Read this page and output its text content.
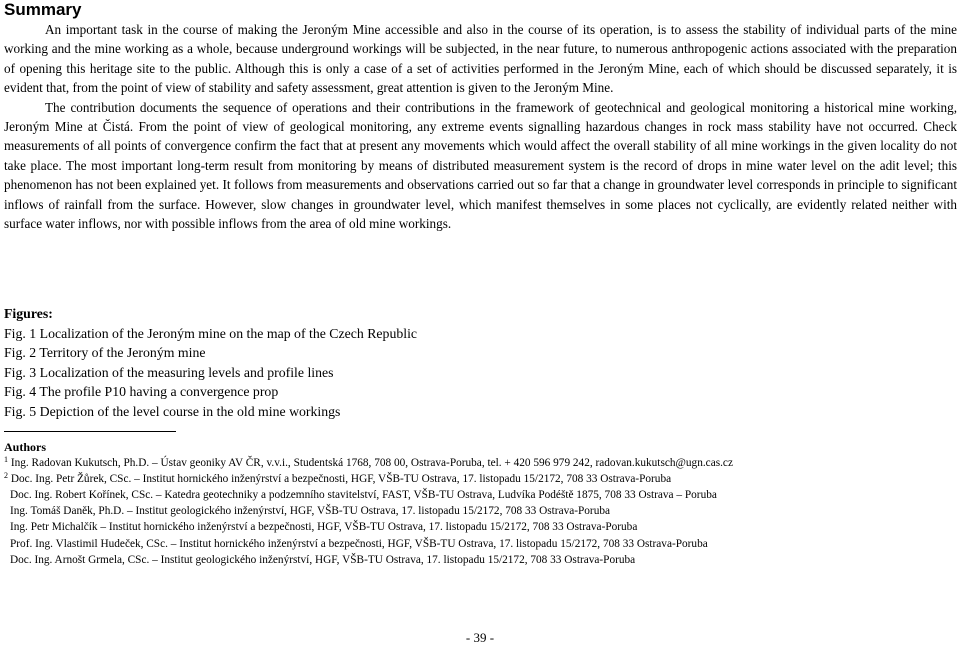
Summary

An important task in the course of making the Jeroným Mine accessible and also in the course of its operation, is to assess the stability of individual parts of the mine working and the mine working as a whole, because underground workings will be subjected, in the near future, to numerous anthropogenic actions associated with the preparation of opening this heritage site to the public. Although this is only a case of a set of activities performed in the Jeroným Mine, each of which should be discussed separately, it is evident that, from the point of view of stability and safety assessment, great attention is given to the Jeroným Mine.

The contribution documents the sequence of operations and their contributions in the framework of geotechnical and geological monitoring a historical mine working, Jeroným Mine at Čistá. From the point of view of geological monitoring, any extreme events signalling hazardous changes in rock mass stability have not occurred. Check measurements of all points of convergence confirm the fact that at present any movements which would affect the overall stability of all mine workings in the given locality do not take place. The most important long-term result from monitoring by means of distributed measurement system is the record of drops in mine water level on the adit level; this phenomenon has not been explained yet. It follows from measurements and observations carried out so far that a change in groundwater level corresponds in principle to significant inflows of rainfall from the surface. However, slow changes in groundwater level, which manifest themselves in some places not cyclically, are evidently related neither with surface water inflows, nor with possible inflows from the area of old mine workings.

Figures:
Fig. 1 Localization of the Jeroným mine on the map of the Czech Republic
Fig. 2 Territory of the Jeroným mine
Fig. 3 Localization of the measuring levels and profile lines
Fig. 4 The profile P10 having a convergence prop
Fig. 5 Depiction of the level course in the old mine workings
Authors
$^1$ Ing. Radovan Kukutsch, Ph.D. – Ústav geoniky AV ČR, v.v.i., Studentská 1768, 708 00, Ostrava-Poruba, tel. + 420 596 979 242, radovan.kukutsch@ugn.cas.cz
$^2$ Doc. Ing. Petr Žůrek, CSc. – Institut hornického inženýrství a bezpečnosti, HGF, VŠB-TU Ostrava, 17. listopadu 15/2172, 708 33 Ostrava-Poruba
Doc. Ing. Robert Kořínek, CSc. – Katedra geotechniky a podzemního stavitelství, FAST, VŠB-TU Ostrava, Ludvíka Podéště 1875, 708 33 Ostrava – Poruba
Ing. Tomáš Daněk, Ph.D. – Institut geologického inženýrství, HGF, VŠB-TU Ostrava, 17. listopadu 15/2172, 708 33 Ostrava-Poruba
Ing. Petr Michalčík – Institut hornického inženýrství a bezpečnosti, HGF, VŠB-TU Ostrava, 17. listopadu 15/2172, 708 33 Ostrava-Poruba
Prof. Ing. Vlastimil Hudeček, CSc. – Institut hornického inženýrství a bezpečnosti, HGF, VŠB-TU Ostrava, 17. listopadu 15/2172, 708 33 Ostrava-Poruba
Doc. Ing. Arnošt Grmela, CSc. – Institut geologického inženýrství, HGF, VŠB-TU Ostrava, 17. listopadu 15/2172, 708 33 Ostrava-Poruba
- 39 -
